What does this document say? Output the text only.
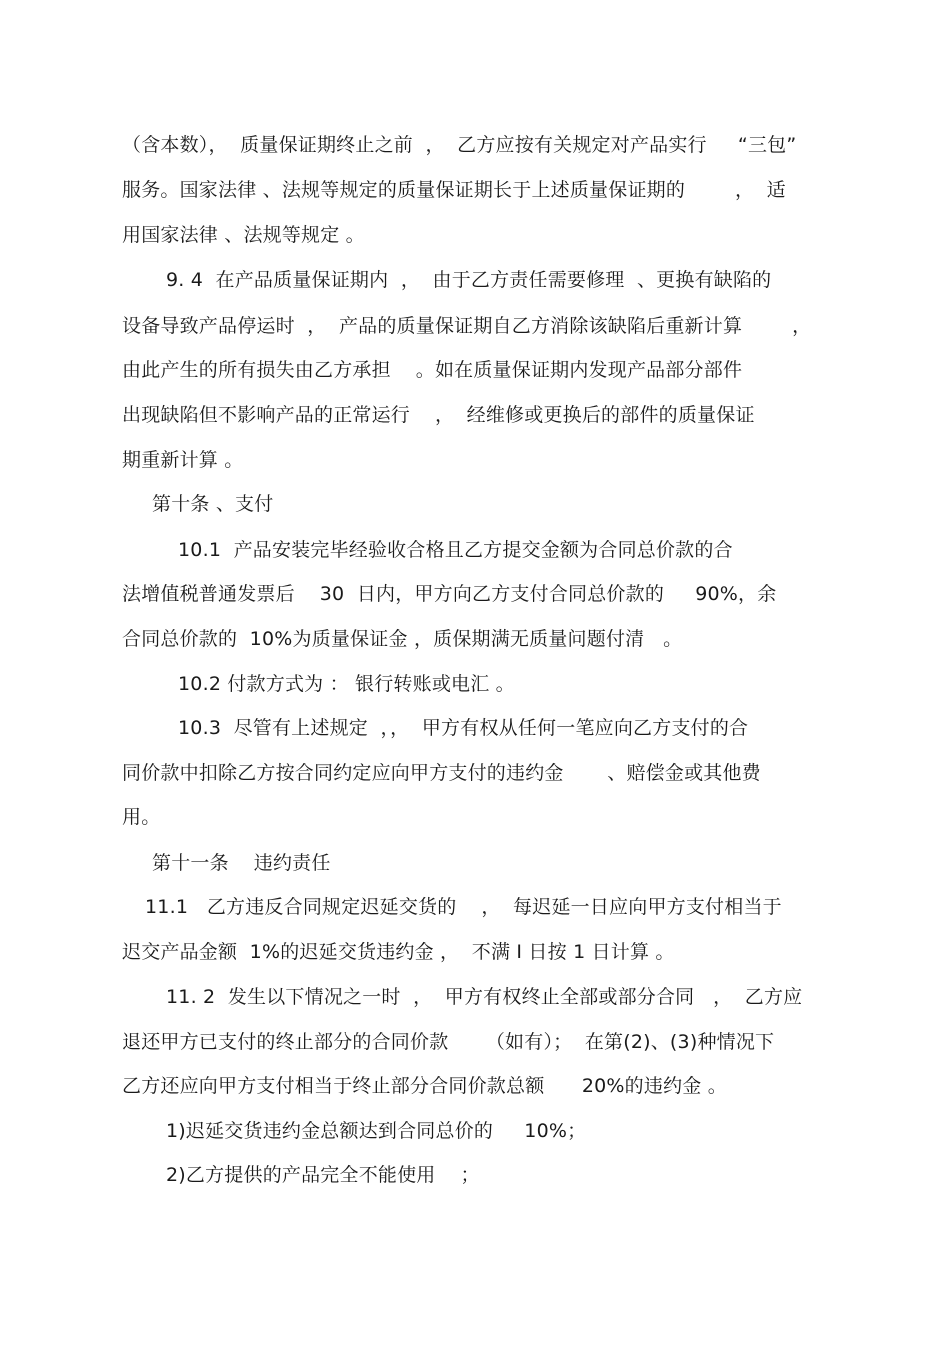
（含本数），  质量保证期终止之前  ，  乙方应按有关规定对产品实行     “三包”
服务。国家法律 、法规等规定的质量保证期长于上述质量保证期的        ，  适
用国家法律 、法规等规定 。
9. 4  在产品质量保证期内  ，  由于乙方责任需要修理  、更换有缺陷的
设备导致产品停运时  ，  产品的质量保证期自乙方消除该缺陷后重新计算        ，
由此产生的所有损失由乙方承担    。如在质量保证期内发现产品部分部件
出现缺陷但不影响产品的正常运行    ，  经维修或更换后的部件的质量保证
期重新计算 。
第十条 、支付
10.1  产品安装完毕经验收合格且乙方提交金额为合同总价款的合
法增值税普通发票后    30  日内，甲方向乙方支付合同总价款的     90%，余
合同总价款的  10%为质量保证金 ，质保期满无质量问题付清   。
10.2 付款方式为 ： 银行转账或电汇 。
10.3  尽管有上述规定  ，，  甲方有权从任何一笔应向乙方支付的合
同价款中扣除乙方按合同约定应向甲方支付的违约金       、赔偿金或其他费
用。
第十一条    违约责任
11.1   乙方违反合同规定迟延交货的    ，  每迟延一日应向甲方支付相当于
迟交产品金额  1%的迟延交货违约金 ，  不满 I 日按 1 日计算 。
11. 2  发生以下情况之一时  ，  甲方有权终止全部或部分合同   ，  乙方应
退还甲方已支付的终止部分的合同价款      （如有）；  在第(2)、(3)种情况下
乙方还应向甲方支付相当于终止部分合同价款总额      20%的违约金 。
1)迟延交货违约金总额达到合同总价的     10%；
2)乙方提供的产品完全不能使用    ；
